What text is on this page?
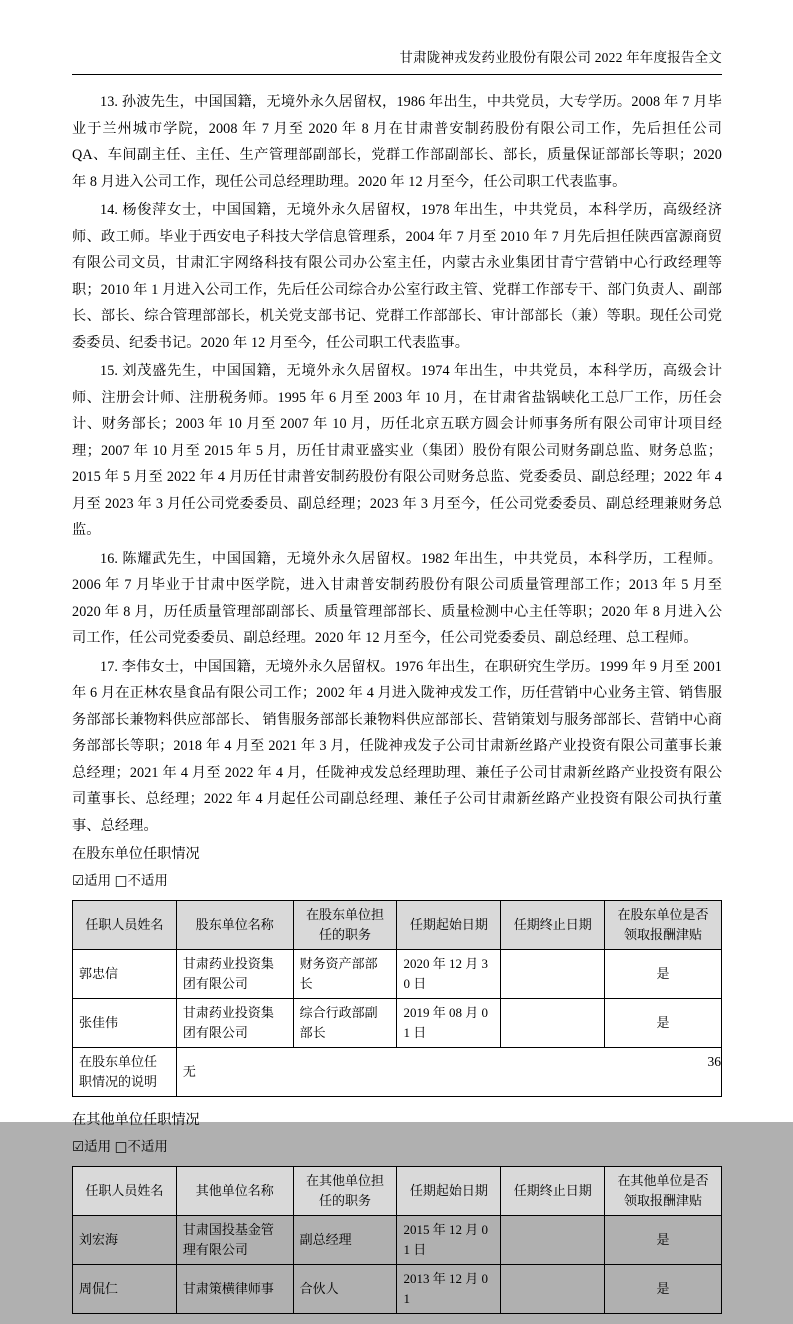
甘肃陇神戎发药业股份有限公司 2022 年年度报告全文

13. 孙波先生，中国国籍，无境外永久居留权，1986 年出生，中共党员，大专学历。2008 年 7 月毕业于兰州城市学院，2008 年 7 月至 2020 年 8 月在甘肃普安制药股份有限公司工作，先后担任公司 QA、车间副主任、主任、生产管理部副部长，党群工作部副部长、部长，质量保证部部长等职；2020 年 8 月进入公司工作，现任公司总经理助理。2020 年 12 月至今，任公司职工代表监事。

14. 杨俊萍女士，中国国籍，无境外永久居留权，1978 年出生，中共党员，本科学历，高级经济师、政工师。毕业于西安电子科技大学信息管理系，2004 年 7 月至 2010 年 7 月先后担任陕西富源商贸有限公司文员，甘肃汇宇网络科技有限公司办公室主任，内蒙古永业集团甘青宁营销中心行政经理等职；2010 年 1 月进入公司工作，先后任公司综合办公室行政主管、党群工作部专干、部门负责人、副部长、部长、综合管理部部长，机关党支部书记、党群工作部部长、审计部部长（兼）等职。现任公司党委委员、纪委书记。2020 年 12 月至今，任公司职工代表监事。

15. 刘茂盛先生，中国国籍，无境外永久居留权。1974 年出生，中共党员，本科学历，高级会计师、注册会计师、注册税务师。1995 年 6 月至 2003 年 10 月，在甘肃省盐锅峡化工总厂工作，历任会计、财务部长；2003 年 10 月至 2007 年 10 月，历任北京五联方圆会计师事务所有限公司审计项目经理；2007 年 10 月至 2015 年 5 月，历任甘肃亚盛实业（集团）股份有限公司财务副总监、财务总监；2015 年 5 月至 2022 年 4 月历任甘肃普安制药股份有限公司财务总监、党委委员、副总经理；2022 年 4 月至 2023 年 3 月任公司党委委员、副总经理；2023 年 3 月至今，任公司党委委员、副总经理兼财务总监。

16. 陈耀武先生，中国国籍，无境外永久居留权。1982 年出生，中共党员，本科学历，工程师。2006 年 7 月毕业于甘肃中医学院，进入甘肃普安制药股份有限公司质量管理部工作；2013 年 5 月至 2020 年 8 月，历任质量管理部副部长、质量管理部部长、质量检测中心主任等职；2020 年 8 月进入公司工作，任公司党委委员、副总经理。2020 年 12 月至今，任公司党委委员、副总经理、总工程师。

17. 李伟女士，中国国籍，无境外永久居留权。1976 年出生，在职研究生学历。1999 年 9 月至 2001 年 6 月在正林农垦食品有限公司工作；2002 年 4 月进入陇神戎发工作，历任营销中心业务主管、销售服务部部长兼物料供应部部长、 销售服务部部长兼物料供应部部长、营销策划与服务部部长、营销中心商务部部长等职；2018 年 4 月至 2021 年 3 月，任陇神戎发子公司甘肃新丝路产业投资有限公司董事长兼总经理；2021 年 4 月至 2022 年 4 月，任陇神戎发总经理助理、兼任子公司甘肃新丝路产业投资有限公司董事长、总经理；2022 年 4 月起任公司副总经理、兼任子公司甘肃新丝路产业投资有限公司执行董事、总经理。

在股东单位任职情况

☑适用 □不适用
任职人员姓名	股东单位名称	在股东单位担任的职务	任期起始日期	任期终止日期	在股东单位是否领取报酬津贴
郭忠信	甘肃药业投资集团有限公司	财务资产部部长	2020 年 12 月 30 日		是
张佳伟	甘肃药业投资集团有限公司	综合行政部副部长	2019 年 08 月 01 日		是
在股东单位任职情况的说明	无				

在其他单位任职情况

☑适用 □不适用
任职人员姓名	其他单位名称	在其他单位担任的职务	任期起始日期	任期终止日期	在其他单位是否领取报酬津贴
刘宏海	甘肃国投基金管理有限公司	副总经理	2015 年 12 月 01 日		是
周侃仁	甘肃策横律师事	合伙人	2013 年 12 月 01		是
36
